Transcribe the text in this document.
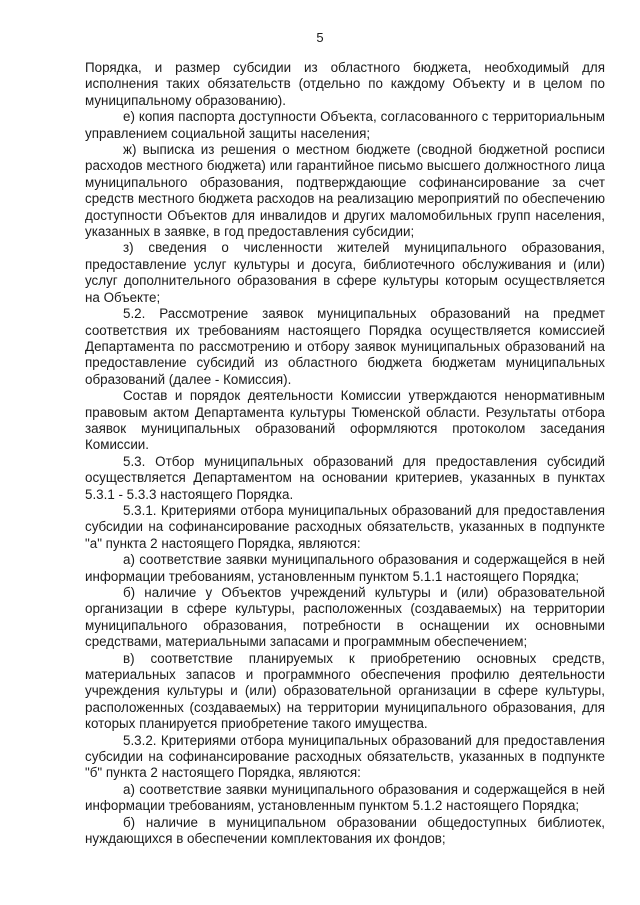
5

Порядка, и размер субсидии из областного бюджета, необходимый для исполнения таких обязательств (отдельно по каждому Объекту и в целом по муниципальному образованию).

е) копия паспорта доступности Объекта, согласованного с территориальным управлением социальной защиты населения;

ж) выписка из решения о местном бюджете (сводной бюджетной росписи расходов местного бюджета) или гарантийное письмо высшего должностного лица муниципального образования, подтверждающие софинансирование за счет средств местного бюджета расходов на реализацию мероприятий по обеспечению доступности Объектов для инвалидов и других маломобильных групп населения, указанных в заявке, в год предоставления субсидии;

з) сведения о численности жителей муниципального образования, предоставление услуг культуры и досуга, библиотечного обслуживания и (или) услуг дополнительного образования в сфере культуры которым осуществляется на Объекте;

5.2. Рассмотрение заявок муниципальных образований на предмет соответствия их требованиям настоящего Порядка осуществляется комиссией Департамента по рассмотрению и отбору заявок муниципальных образований на предоставление субсидий из областного бюджета бюджетам муниципальных образований (далее - Комиссия).

Состав и порядок деятельности Комиссии утверждаются ненормативным правовым актом Департамента культуры Тюменской области. Результаты отбора заявок муниципальных образований оформляются протоколом заседания Комиссии.

5.3. Отбор муниципальных образований для предоставления субсидий осуществляется Департаментом на основании критериев, указанных в пунктах 5.3.1 - 5.3.3 настоящего Порядка.

5.3.1. Критериями отбора муниципальных образований для предоставления субсидии на софинансирование расходных обязательств, указанных в подпункте "а" пункта 2 настоящего Порядка, являются:

а) соответствие заявки муниципального образования и содержащейся в ней информации требованиям, установленным пунктом 5.1.1 настоящего Порядка;

б) наличие у Объектов учреждений культуры и (или) образовательной организации в сфере культуры, расположенных (создаваемых) на территории муниципального образования, потребности в оснащении их основными средствами, материальными запасами и программным обеспечением;

в) соответствие планируемых к приобретению основных средств, материальных запасов и программного обеспечения профилю деятельности учреждения культуры и (или) образовательной организации в сфере культуры, расположенных (создаваемых) на территории муниципального образования, для которых планируется приобретение такого имущества.

5.3.2. Критериями отбора муниципальных образований для предоставления субсидии на софинансирование расходных обязательств, указанных в подпункте "б" пункта 2 настоящего Порядка, являются:

а) соответствие заявки муниципального образования и содержащейся в ней информации требованиям, установленным пунктом 5.1.2 настоящего Порядка;

б) наличие в муниципальном образовании общедоступных библиотек, нуждающихся в обеспечении комплектования их фондов;
